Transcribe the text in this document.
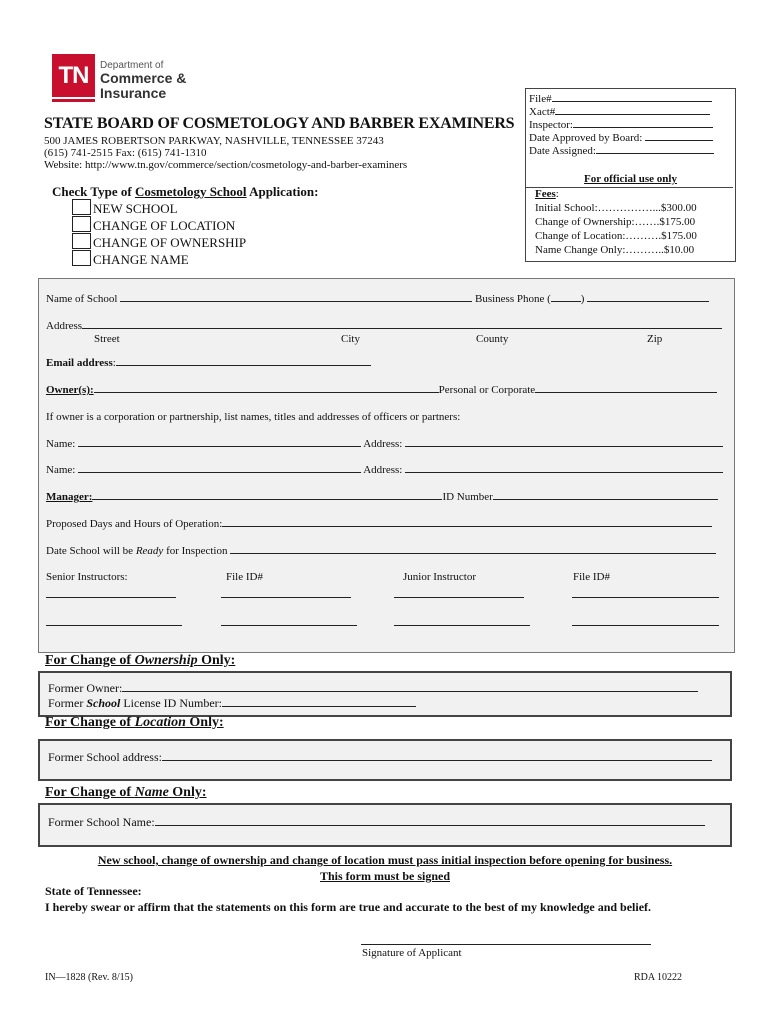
TN	Department of
Commerce &
Insurance
STATE BOARD OF COSMETOLOGY AND BARBER EXAMINERS
500 JAMES ROBERTSON PARKWAY, NASHVILLE, TENNESSEE 37243
(615) 741-2515 Fax: (615) 741-1310
Website: http://www.tn.gov/commerce/section/cosmetology-and-barber-examiners
File#
Xact#
Inspector:
Date Approved by Board:
Date Assigned:
For official use only
Fees:
Initial School:……………...$300.00
Change of Ownership:…….$175.00
Change of Location:……….$175.00
Name Change Only:………..$10.00
Check Type of Cosmetology School Application:
NEW SCHOOL
CHANGE OF LOCATION
CHANGE OF OWNERSHIP
CHANGE NAME
Name of School	Business Phone (	)
Address
Street	City	County	Zip
Email address:
Owner(s):	Personal or Corporate
If owner is a corporation or partnership, list names, titles and addresses of officers or partners:
Name:	Address:
Name:	Address:
Manager:	ID Number
Proposed Days and Hours of Operation:
Date School will be Ready for Inspection
Senior Instructors:	File ID#	Junior Instructor	File ID#
For Change of Ownership Only:
Former Owner:
Former School License ID Number:
For Change of Location Only:
Former School address:
For Change of Name Only:
Former School Name:
New school, change of ownership and change of location must pass initial inspection before opening for business.
This form must be signed
State of Tennessee:
I hereby swear or affirm that the statements on this form are true and accurate to the best of my knowledge and belief.
Signature of Applicant
IN—1828 (Rev. 8/15)	RDA 10222
